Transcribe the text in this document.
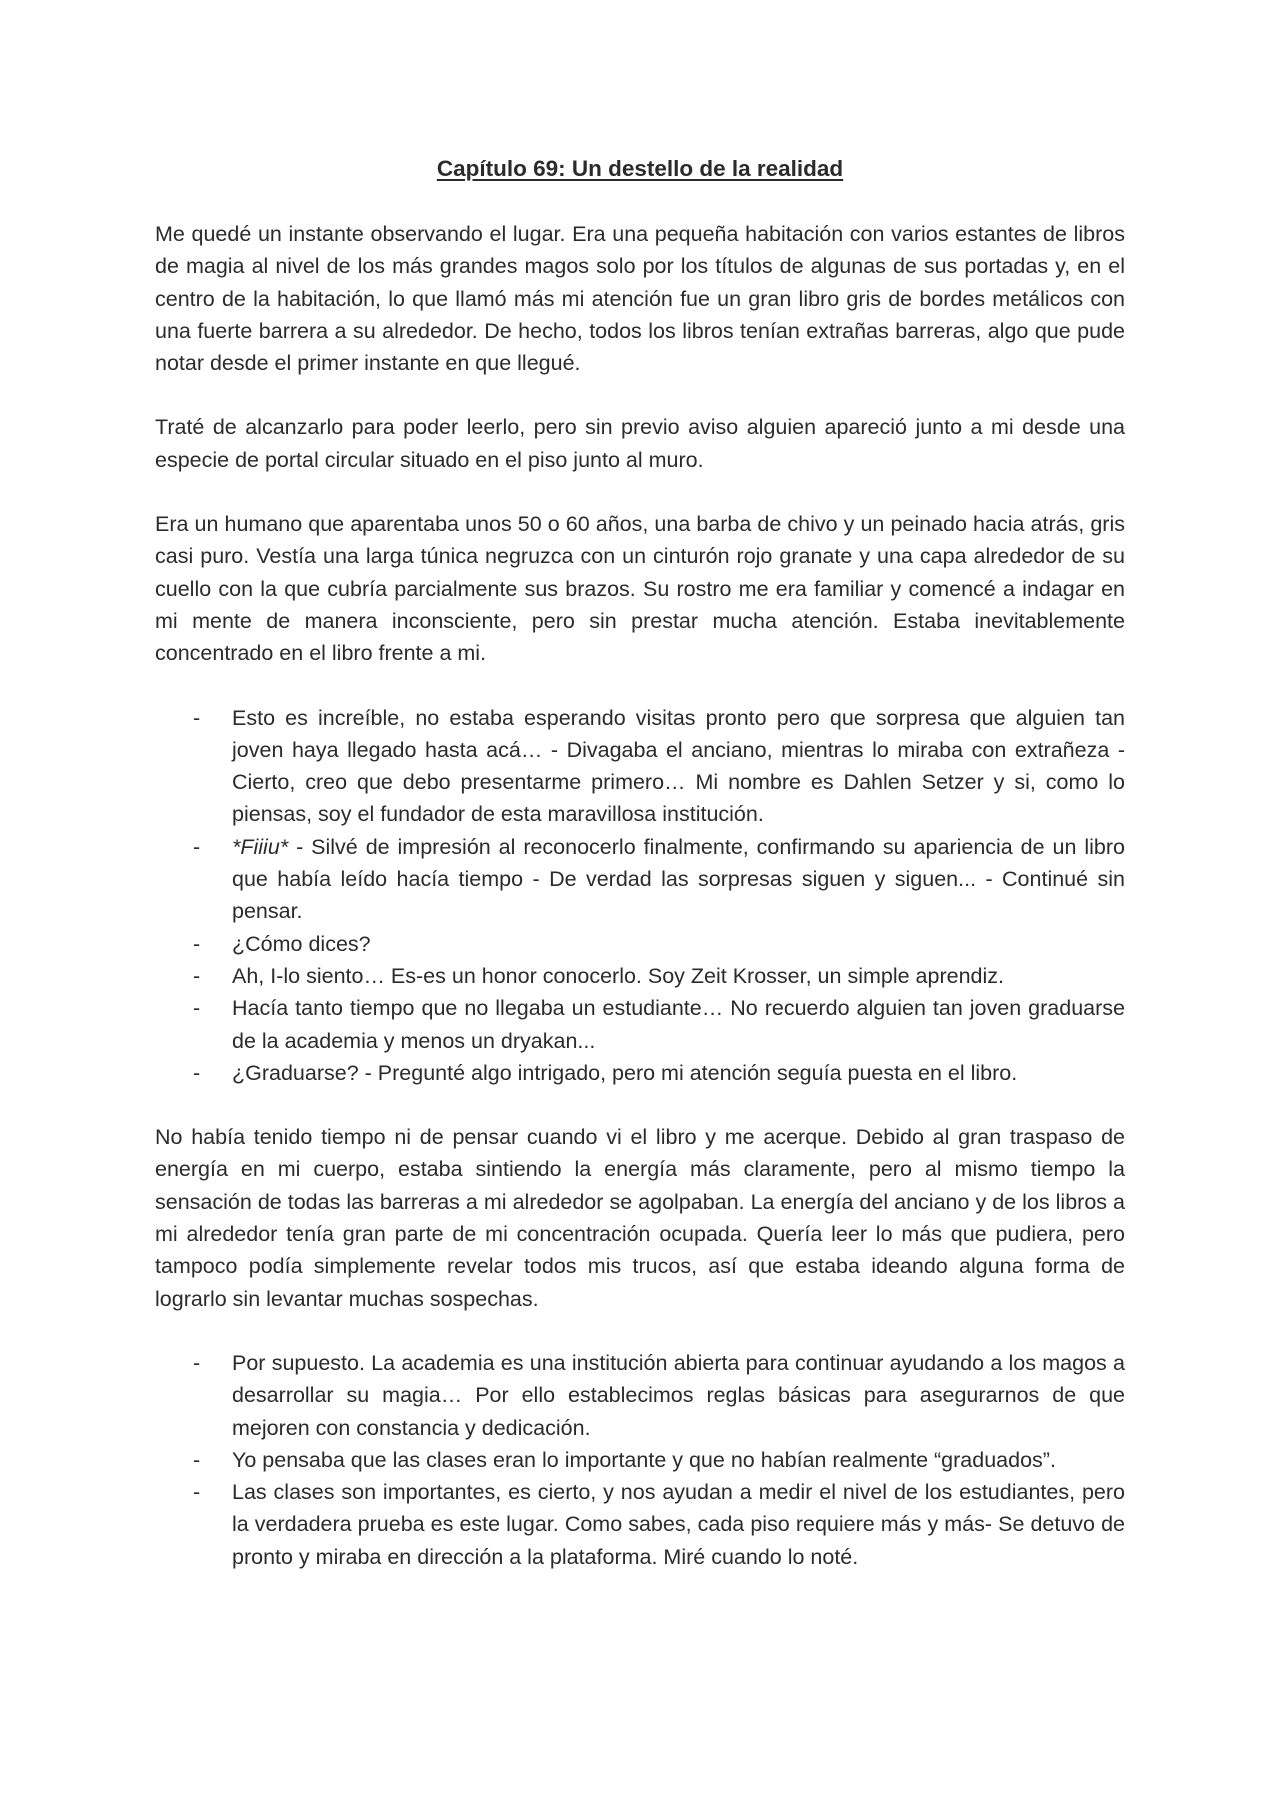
Capítulo 69: Un destello de la realidad

Me quedé un instante observando el lugar. Era una pequeña habitación con varios estantes de libros de magia al nivel de los más grandes magos solo por los títulos de algunas de sus portadas y, en el centro de la habitación, lo que llamó más mi atención fue un gran libro gris de bordes metálicos con una fuerte barrera a su alrededor. De hecho, todos los libros tenían extrañas barreras, algo que pude notar desde el primer instante en que llegué.

Traté de alcanzarlo para poder leerlo, pero sin previo aviso alguien apareció junto a mi desde una especie de portal circular situado en el piso junto al muro.

Era un humano que aparentaba unos 50 o 60 años, una barba de chivo y un peinado hacia atrás, gris casi puro. Vestía una larga túnica negruzca con un cinturón rojo granate y una capa alrededor de su cuello con la que cubría parcialmente sus brazos. Su rostro me era familiar y comencé a indagar en mi mente de manera inconsciente, pero sin prestar mucha atención. Estaba inevitablemente concentrado en el libro frente a mi.

- Esto es increíble, no estaba esperando visitas pronto pero que sorpresa que alguien tan joven haya llegado hasta acá… - Divagaba el anciano, mientras lo miraba con extrañeza - Cierto, creo que debo presentarme primero… Mi nombre es Dahlen Setzer y si, como lo piensas, soy el fundador de esta maravillosa institución.
- *Fiiiu* - Silvé de impresión al reconocerlo finalmente, confirmando su apariencia de un libro que había leído hacía tiempo - De verdad las sorpresas siguen y siguen... - Continué sin pensar.
- ¿Cómo dices?
- Ah, I-lo siento… Es-es un honor conocerlo. Soy Zeit Krosser, un simple aprendiz.
- Hacía tanto tiempo que no llegaba un estudiante… No recuerdo alguien tan joven graduarse de la academia y menos un dryakan...
- ¿Graduarse? - Pregunté algo intrigado, pero mi atención seguía puesta en el libro.

No había tenido tiempo ni de pensar cuando vi el libro y me acerque. Debido al gran traspaso de energía en mi cuerpo, estaba sintiendo la energía más claramente, pero al mismo tiempo la sensación de todas las barreras a mi alrededor se agolpaban. La energía del anciano y de los libros a mi alrededor tenía gran parte de mi concentración ocupada. Quería leer lo más que pudiera, pero tampoco podía simplemente revelar todos mis trucos, así que estaba ideando alguna forma de lograrlo sin levantar muchas sospechas.

- Por supuesto. La academia es una institución abierta para continuar ayudando a los magos a desarrollar su magia… Por ello establecimos reglas básicas para asegurarnos de que mejoren con constancia y dedicación.
- Yo pensaba que las clases eran lo importante y que no habían realmente “graduados”.
- Las clases son importantes, es cierto, y nos ayudan a medir el nivel de los estudiantes, pero la verdadera prueba es este lugar. Como sabes, cada piso requiere más y más- Se detuvo de pronto y miraba en dirección a la plataforma. Miré cuando lo noté.
